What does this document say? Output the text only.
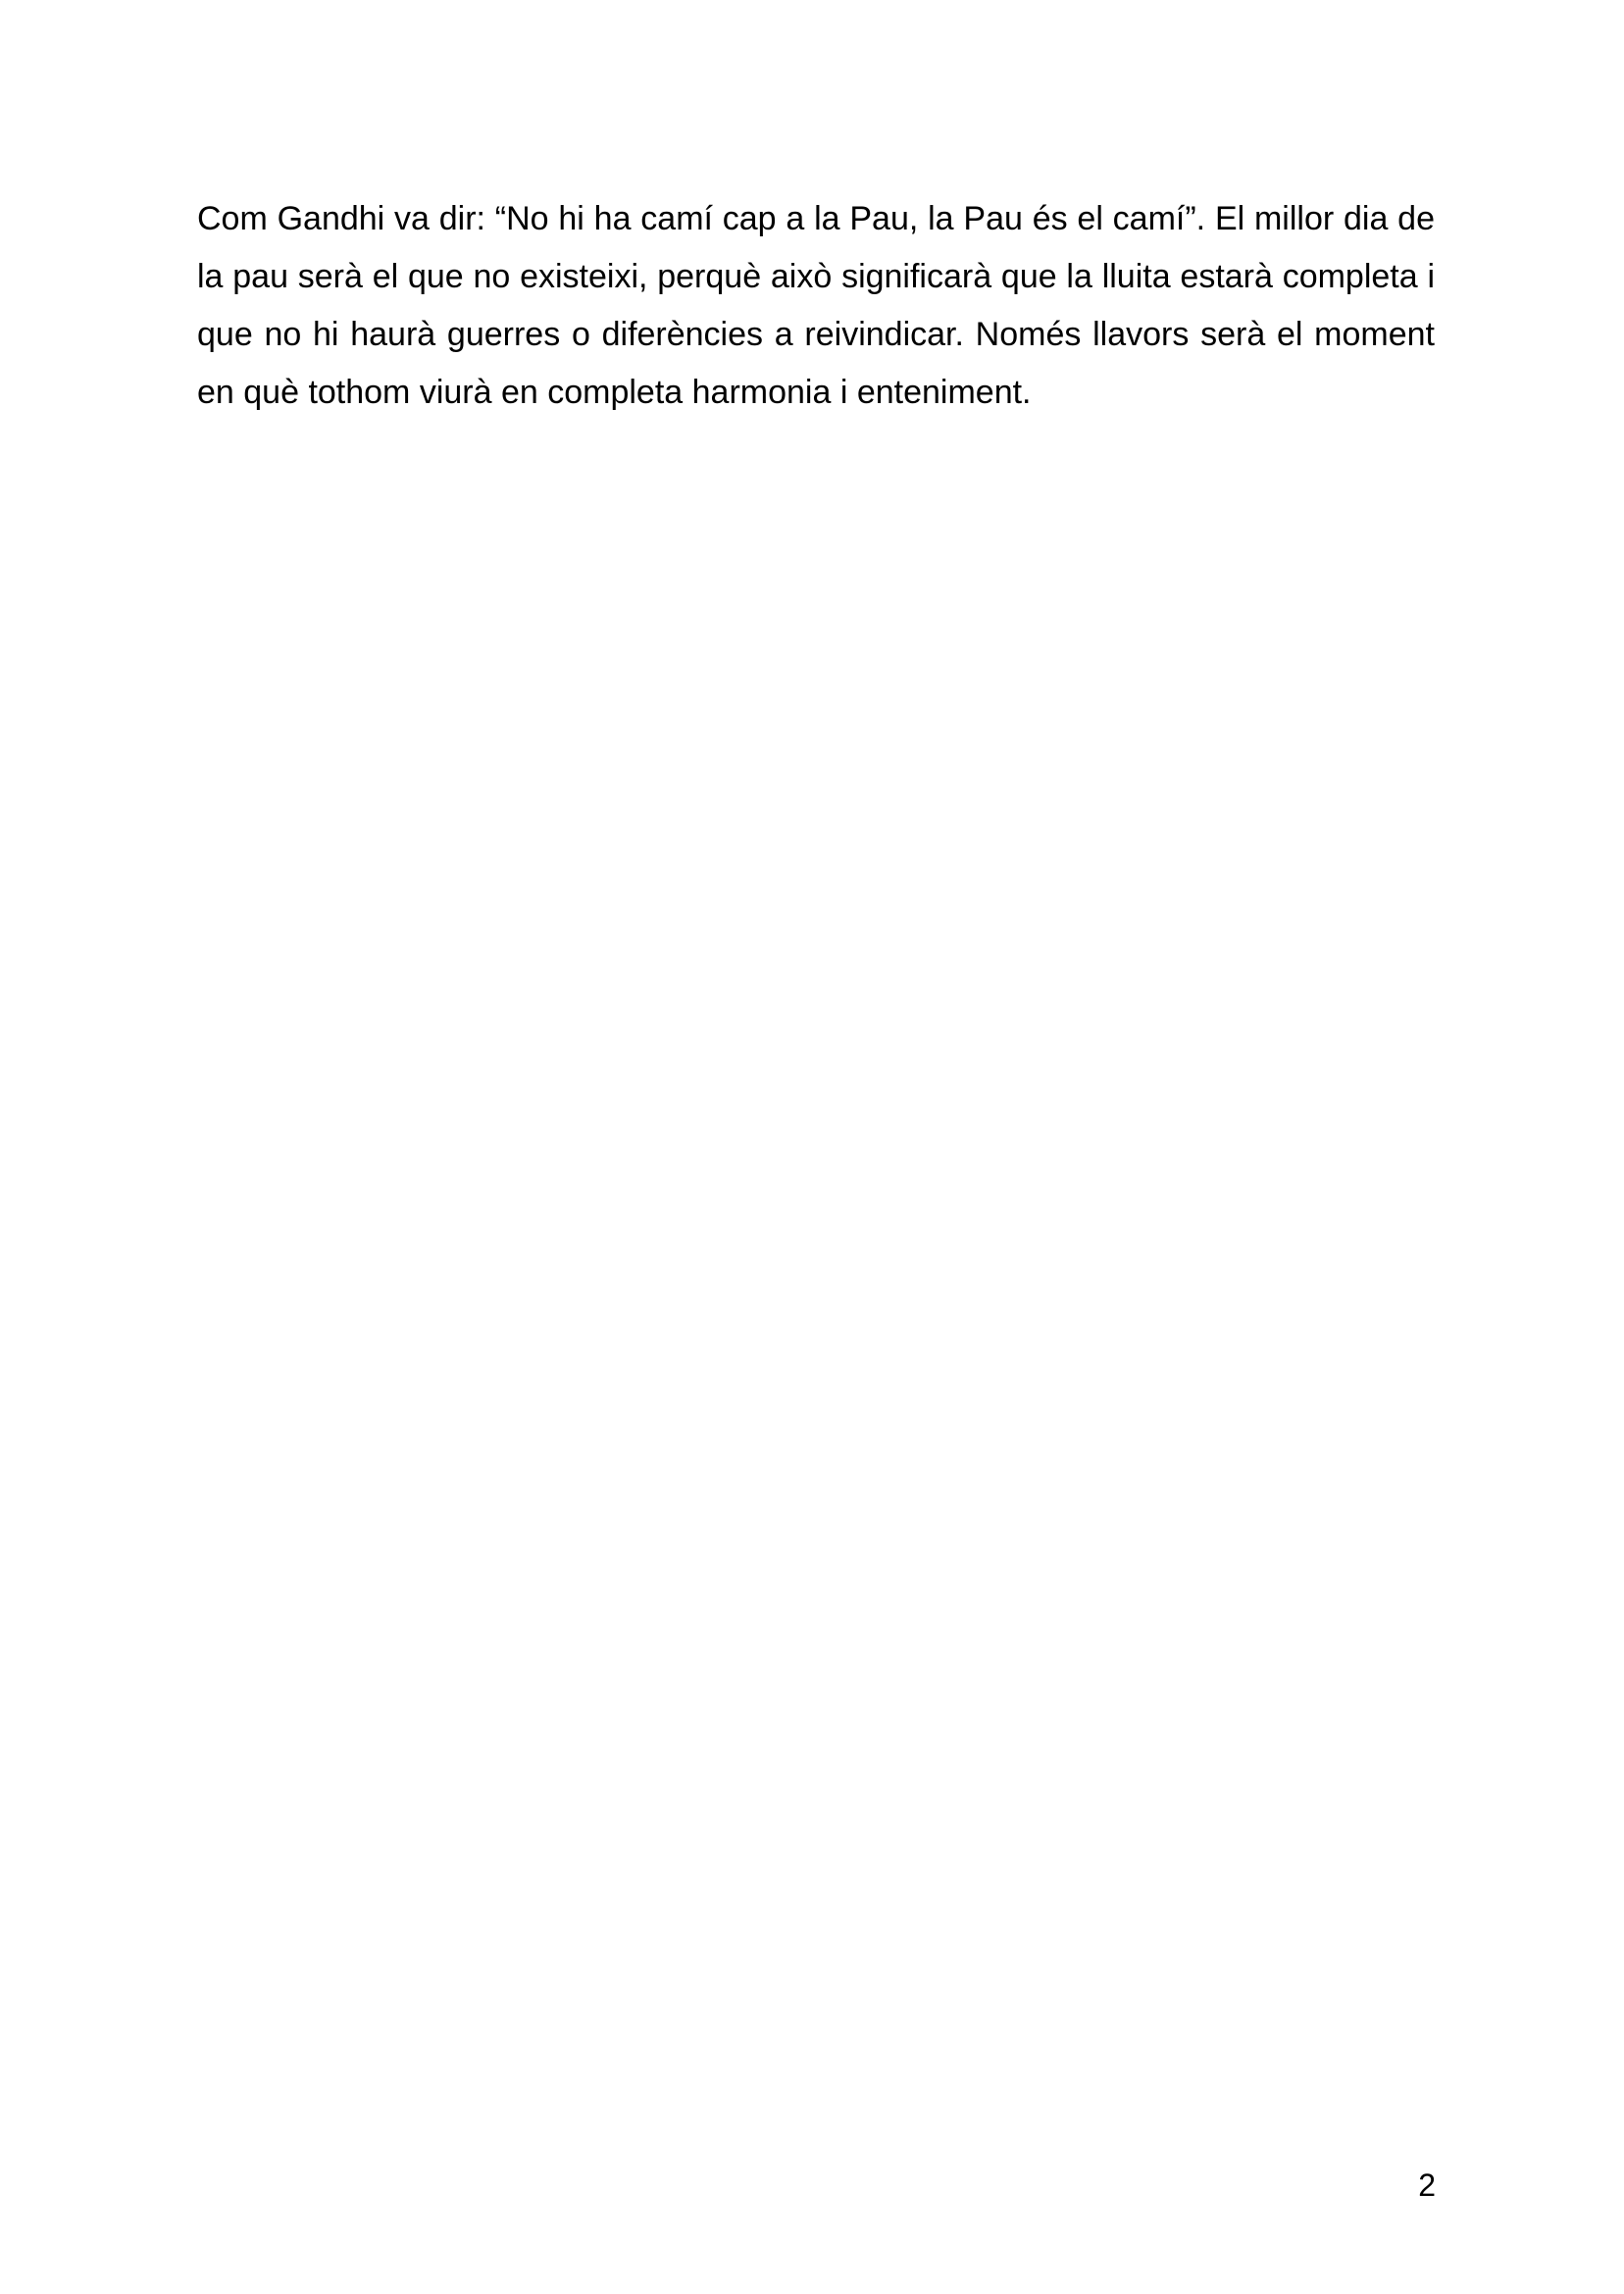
Com Gandhi va dir: “No hi ha camí cap a la Pau, la Pau és el camí”. El millor dia de
la pau serà el que no existeixi, perquè això significarà que la lluita estarà completa i
que no hi haurà guerres o diferències a reivindicar. Només llavors serà el moment
en què tothom viurà en completa harmonia i enteniment.

2
